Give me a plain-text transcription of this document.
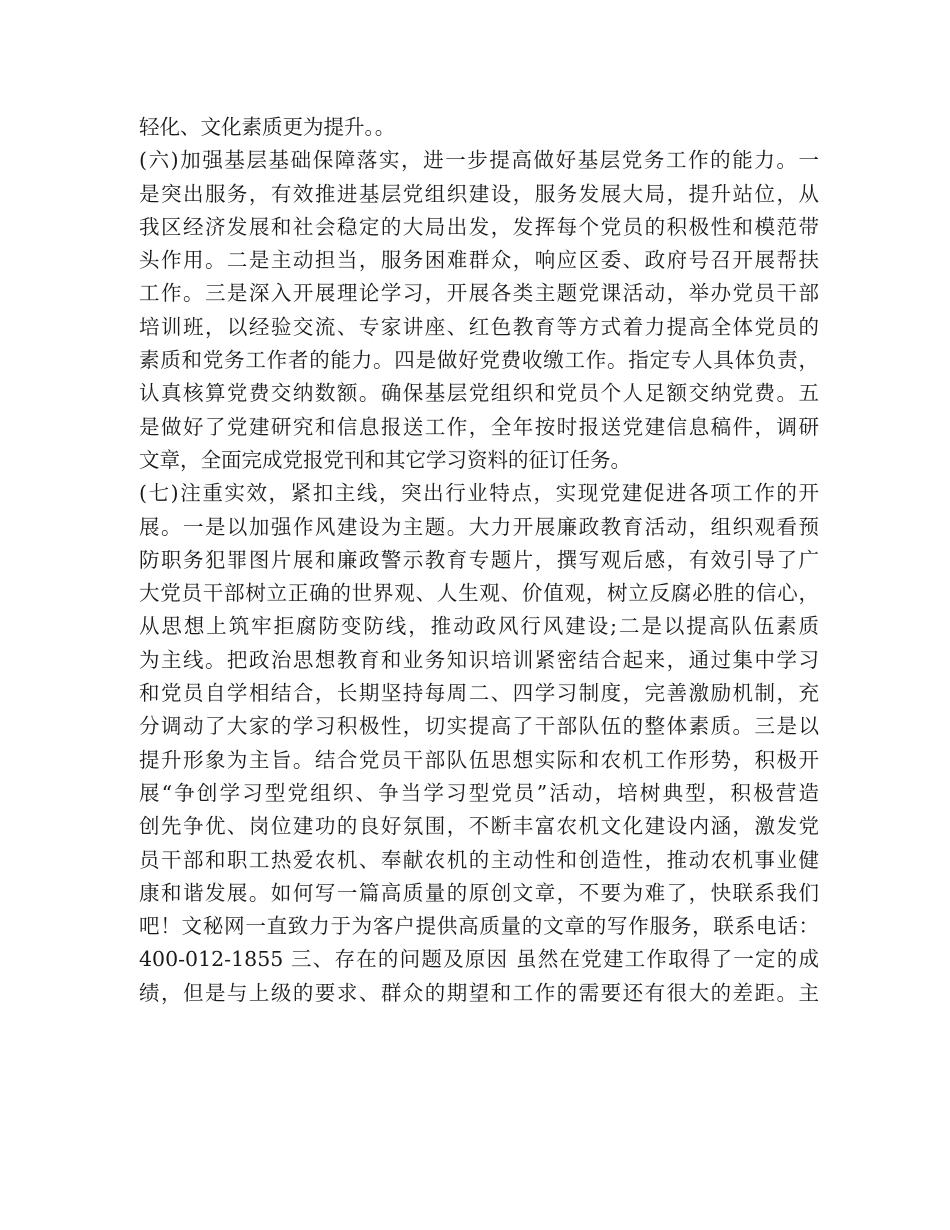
轻化、文化素质更为提升。。
(六)加强基层基础保障落实，进一步提高做好基层党务工作的能力。一
是突出服务，有效推进基层党组织建设，服务发展大局，提升站位，从
我区经济发展和社会稳定的大局出发，发挥每个党员的积极性和模范带
头作用。二是主动担当，服务困难群众，响应区委、政府号召开展帮扶
工作。三是深入开展理论学习，开展各类主题党课活动，举办党员干部
培训班，以经验交流、专家讲座、红色教育等方式着力提高全体党员的
素质和党务工作者的能力。四是做好党费收缴工作。指定专人具体负责，
认真核算党费交纳数额。确保基层党组织和党员个人足额交纳党费。五
是做好了党建研究和信息报送工作，全年按时报送党建信息稿件，调研
文章，全面完成党报党刊和其它学习资料的征订任务。
(七)注重实效，紧扣主线，突出行业特点，实现党建促进各项工作的开
展。一是以加强作风建设为主题。大力开展廉政教育活动，组织观看预
防职务犯罪图片展和廉政警示教育专题片，撰写观后感，有效引导了广
大党员干部树立正确的世界观、人生观、价值观，树立反腐必胜的信心，
从思想上筑牢拒腐防变防线，推动政风行风建设;二是以提高队伍素质
为主线。把政治思想教育和业务知识培训紧密结合起来，通过集中学习
和党员自学相结合，长期坚持每周二、四学习制度，完善激励机制，充
分调动了大家的学习积极性，切实提高了干部队伍的整体素质。三是以
提升形象为主旨。结合党员干部队伍思想实际和农机工作形势，积极开
展“争创学习型党组织、争当学习型党员”活动，培树典型，积极营造
创先争优、岗位建功的良好氛围，不断丰富农机文化建设内涵，激发党
员干部和职工热爱农机、奉献农机的主动性和创造性，推动农机事业健
康和谐发展。如何写一篇高质量的原创文章，不要为难了，快联系我们
吧！文秘网一直致力于为客户提供高质量的文章的写作服务，联系电话：
400-012-1855 三、存在的问题及原因 虽然在党建工作取得了一定的成
绩，但是与上级的要求、群众的期望和工作的需要还有很大的差距。主
